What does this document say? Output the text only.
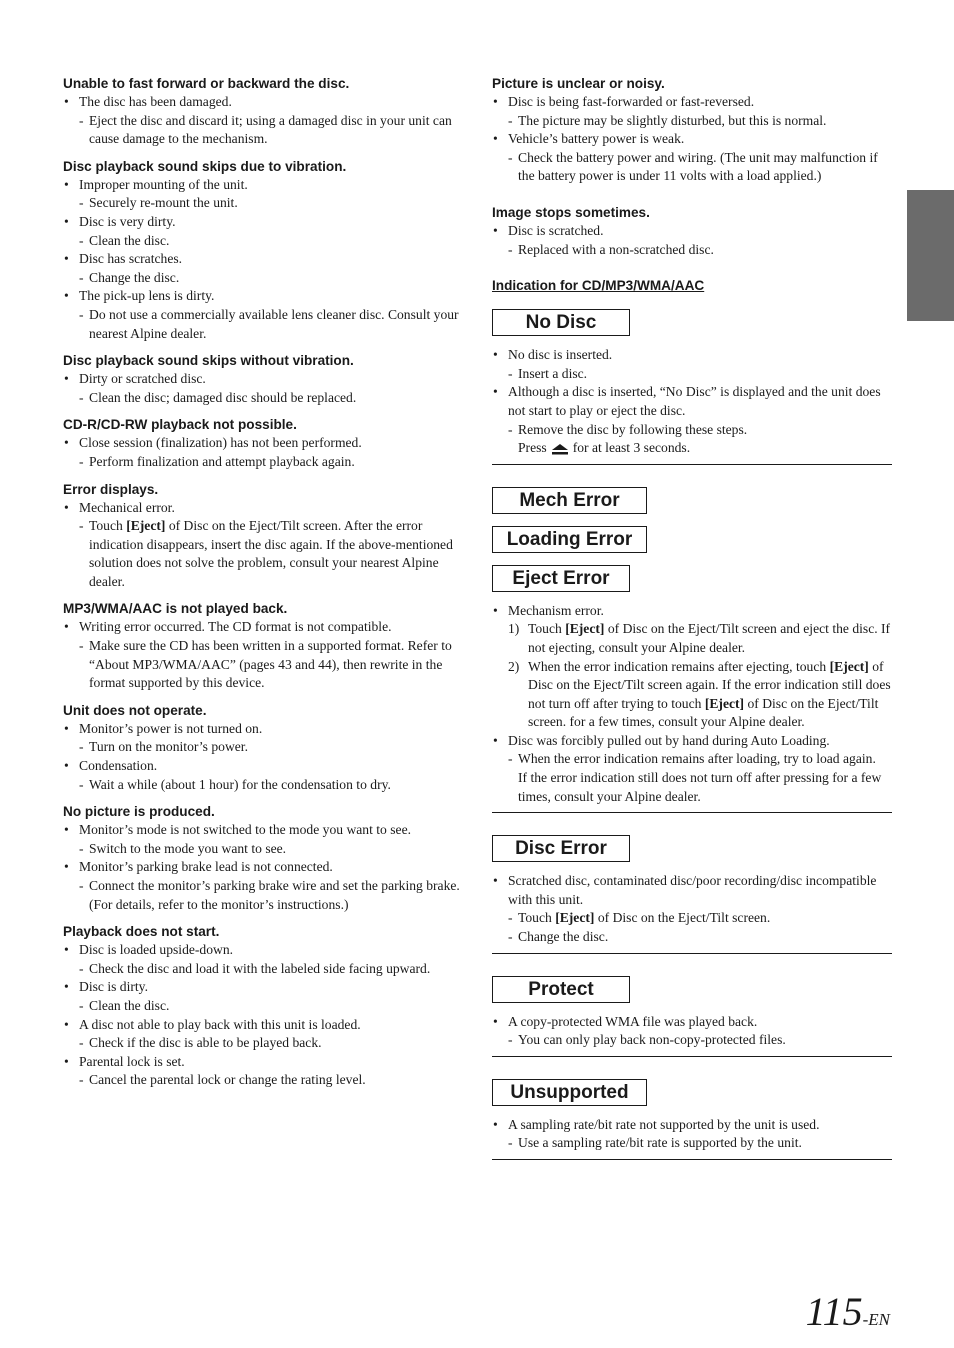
Unable to fast forward or backward the disc.
• The disc has been damaged.
- Eject the disc and discard it; using a damaged disc in your unit can cause damage to the mechanism.
Disc playback sound skips due to vibration.
• Improper mounting of the unit.
- Securely re-mount the unit.
• Disc is very dirty.
- Clean the disc.
• Disc has scratches.
- Change the disc.
• The pick-up lens is dirty.
- Do not use a commercially available lens cleaner disc. Consult your nearest Alpine dealer.
Disc playback sound skips without vibration.
• Dirty or scratched disc.
- Clean the disc; damaged disc should be replaced.
CD-R/CD-RW playback not possible.
• Close session (finalization) has not been performed.
- Perform finalization and attempt playback again.
Error displays.
• Mechanical error.
- Touch [Eject] of Disc on the Eject/Tilt screen. After the error indication disappears, insert the disc again. If the above-mentioned solution does not solve the problem, consult your nearest Alpine dealer.
MP3/WMA/AAC is not played back.
• Writing error occurred. The CD format is not compatible.
- Make sure the CD has been written in a supported format. Refer to “About MP3/WMA/AAC” (pages 43 and 44), then rewrite in the format supported by this device.
Unit does not operate.
• Monitor’s power is not turned on.
- Turn on the monitor’s power.
• Condensation.
- Wait a while (about 1 hour) for the condensation to dry.
No picture is produced.
• Monitor’s mode is not switched to the mode you want to see.
- Switch to the mode you want to see.
• Monitor’s parking brake lead is not connected.
- Connect the monitor’s parking brake wire and set the parking brake. (For details, refer to the monitor’s instructions.)
Playback does not start.
• Disc is loaded upside-down.
- Check the disc and load it with the labeled side facing upward.
• Disc is dirty.
- Clean the disc.
• A disc not able to play back with this unit is loaded.
- Check if the disc is able to be played back.
• Parental lock is set.
- Cancel the parental lock or change the rating level.
Picture is unclear or noisy.
• Disc is being fast-forwarded or fast-reversed.
- The picture may be slightly disturbed, but this is normal.
• Vehicle’s battery power is weak.
- Check the battery power and wiring. (The unit may malfunction if the battery power is under 11 volts with a load applied.)
Image stops sometimes.
• Disc is scratched.
- Replaced with a non-scratched disc.
Indication for CD/MP3/WMA/AAC
No Disc
• No disc is inserted.
- Insert a disc.
• Although a disc is inserted, “No Disc” is displayed and the unit does not start to play or eject the disc.
- Remove the disc by following these steps.
Press for at least 3 seconds.
Mech Error
Loading Error
Eject Error
• Mechanism error.
1) Touch [Eject] of Disc on the Eject/Tilt screen and eject the disc. If not ejecting, consult your Alpine dealer.
2) When the error indication remains after ejecting, touch [Eject] of Disc on the Eject/Tilt screen again. If the error indication still does not turn off after trying to touch [Eject] of Disc on the Eject/Tilt screen. for a few times, consult your Alpine dealer.
• Disc was forcibly pulled out by hand during Auto Loading.
- When the error indication remains after loading, try to load again.
If the error indication still does not turn off after pressing for a few times, consult your Alpine dealer.
Disc Error
• Scratched disc, contaminated disc/poor recording/disc incompatible with this unit.
- Touch [Eject] of Disc on the Eject/Tilt screen.
- Change the disc.
Protect
• A copy-protected WMA file was played back.
- You can only play back non-copy-protected files.
Unsupported
• A sampling rate/bit rate not supported by the unit is used.
- Use a sampling rate/bit rate is supported by the unit.
115-EN
